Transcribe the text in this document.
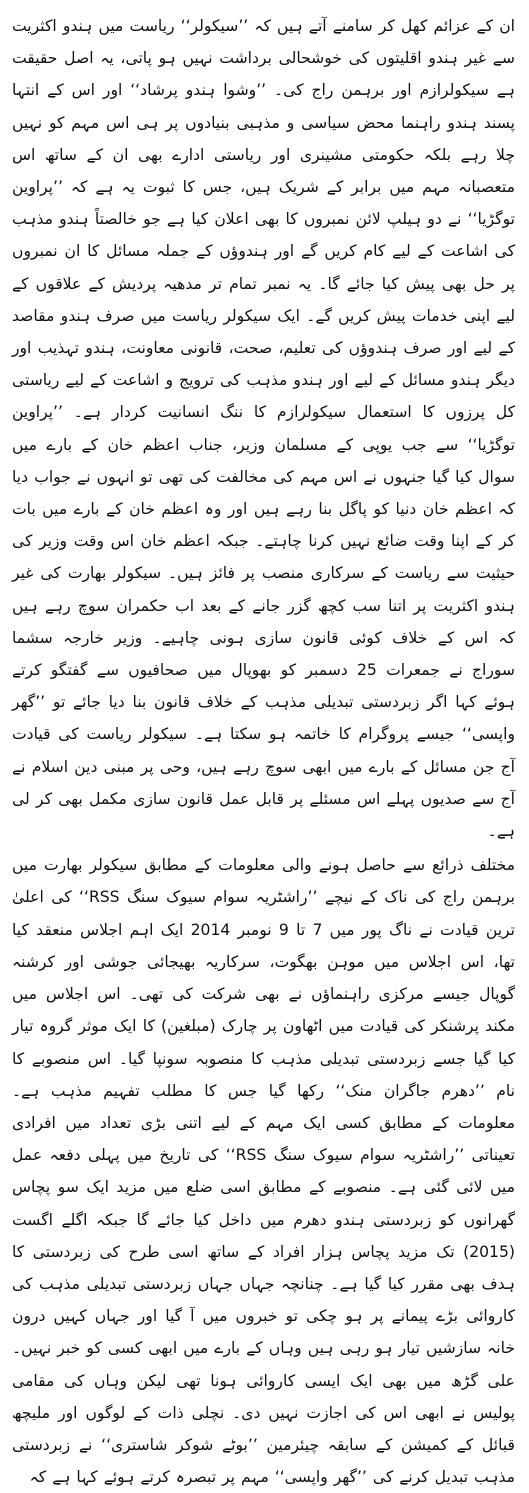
ان کے عزائم کھل کر سامنے آتے ہیں کہ ’’سیکولر‘‘ ریاست میں ہندو اکثریت سے غیر ہندو اقلیتوں کی خوشحالی برداشت نہیں ہو پاتی، یہ اصل حقیقت ہے سیکولرازم اور برہمن راج کی۔ ’’وشوا ہندو پرشاد‘‘ اور اس کے انتہا پسند ہندو راہنما محض سیاسی و مذہبی بنیادوں پر ہی اس مہم کو نہیں چلا رہے بلکہ حکومتی مشینری اور ریاستی ادارے بھی ان کے ساتھ اس متعصبانہ مہم میں برابر کے شریک ہیں، جس کا ثبوت یہ ہے کہ ’’پراوین توگڑیا‘‘ نے دو ہیلپ لائن نمبروں کا بھی اعلان کیا ہے جو خالصتاً ہندو مذہب کی اشاعت کے لیے کام کریں گے اور ہندوؤں کے جملہ مسائل کا ان نمبروں پر حل بھی پیش کیا جائے گا۔ یہ نمبر تمام تر مدھیہ پردیش کے علاقوں کے لیے اپنی خدمات پیش کریں گے۔ ایک سیکولر ریاست میں صرف ہندو مقاصد کے لیے اور صرف ہندوؤں کی تعلیم، صحت، قانونی معاونت، ہندو تہذیب اور دیگر ہندو مسائل کے لیے اور ہندو مذہب کی ترویج و اشاعت کے لیے ریاستی کل پرزوں کا استعمال سیکولرازم کا ننگ انسانیت کردار ہے۔ ’’پراوین توگڑیا‘‘ سے جب یوپی کے مسلمان وزیر، جناب اعظم خان کے بارے میں سوال کیا گیا جنہوں نے اس مہم کی مخالفت کی تھی تو انہوں نے جواب دیا کہ اعظم خان دنیا کو پاگل بنا رہے ہیں اور وہ اعظم خان کے بارے میں بات کر کے اپنا وقت ضائع نہیں کرنا چاہتے۔ جبکہ اعظم خان اس وقت وزیر کی حیثیت سے ریاست کے سرکاری منصب پر فائز ہیں۔ سیکولر بھارت کی غیر ہندو اکثریت پر اتنا سب کچھ گزر جانے کے بعد اب حکمران سوچ رہے ہیں کہ اس کے خلاف کوئی قانون سازی ہونی چاہیے۔ وزیر خارجہ سشما سوراج نے جمعرات 25 دسمبر کو بھوپال میں صحافیوں سے گفتگو کرتے ہوئے کہا اگر زبردستی تبدیلی مذہب کے خلاف قانون بنا دیا جائے تو ’’گھر واپسی‘‘ جیسے پروگرام کا خاتمہ ہو سکتا ہے۔ سیکولر ریاست کی قیادت آج جن مسائل کے بارے میں ابھی سوچ رہے ہیں، وحی پر مبنی دین اسلام نے آج سے صدیوں پہلے اس مسئلے پر قابل عمل قانون سازی مکمل بھی کر لی ہے۔

مختلف ذرائع سے حاصل ہونے والی معلومات کے مطابق سیکولر بھارت میں برہمن راج کی ناک کے نیچے ’’راشٹریہ سوام سیوک سنگ RSS‘‘ کی اعلیٰ ترین قیادت نے ناگ پور میں 7 تا 9 نومبر 2014 ایک اہم اجلاس منعقد کیا تھا، اس اجلاس میں موہن بھگوت، سرکاریہ بھیجائی جوشی اور کرشنہ گوپال جیسے مرکزی راہنماؤں نے بھی شرکت کی تھی۔ اس اجلاس میں مکند پرشنکر کی قیادت میں اٹھاون پر چارک (مبلغین) کا ایک موثر گروہ تیار کیا گیا جسے زبردستی تبدیلی مذہب کا منصوبہ سونپا گیا۔ اس منصوبے کا نام ’’دھرم جاگران منک‘‘ رکھا گیا جس کا مطلب تفہیم مذہب ہے۔ معلومات کے مطابق کسی ایک مہم کے لیے اتنی بڑی تعداد میں افرادی تعیناتی ’’راشٹریہ سوام سیوک سنگ RSS‘‘ کی تاریخ میں پہلی دفعہ عمل میں لائی گئی ہے۔ منصوبے کے مطابق اسی ضلع میں مزید ایک سو پچاس گھرانوں کو زبردستی ہندو دھرم میں داخل کیا جائے گا جبکہ اگلے اگست (2015) تک مزید پچاس ہزار افراد کے ساتھ اسی طرح کی زبردستی کا ہدف بھی مقرر کیا گیا ہے۔ چنانچہ جہاں جہاں زبردستی تبدیلی مذہب کی کاروائی بڑے پیمانے پر ہو چکی تو خبروں میں آ گیا اور جہاں کہیں درون خانہ سازشیں تیار ہو رہی ہیں وہاں کے بارے میں ابھی کسی کو خبر نہیں۔ علی گڑھ میں بھی ایک ایسی کاروائی ہونا تھی لیکن وہاں کی مقامی پولیس نے ابھی اس کی اجازت نہیں دی۔ نچلی ذات کے لوگوں اور ملیچھ قبائل کے کمیشن کے سابقہ چیئرمین ’’بوٹے شوکر شاستری‘‘ نے زبردستی مذہب تبدیل کرنے کی ’’گھر واپسی‘‘ مہم پر تبصرہ کرتے ہوئے کہا ہے کہ
